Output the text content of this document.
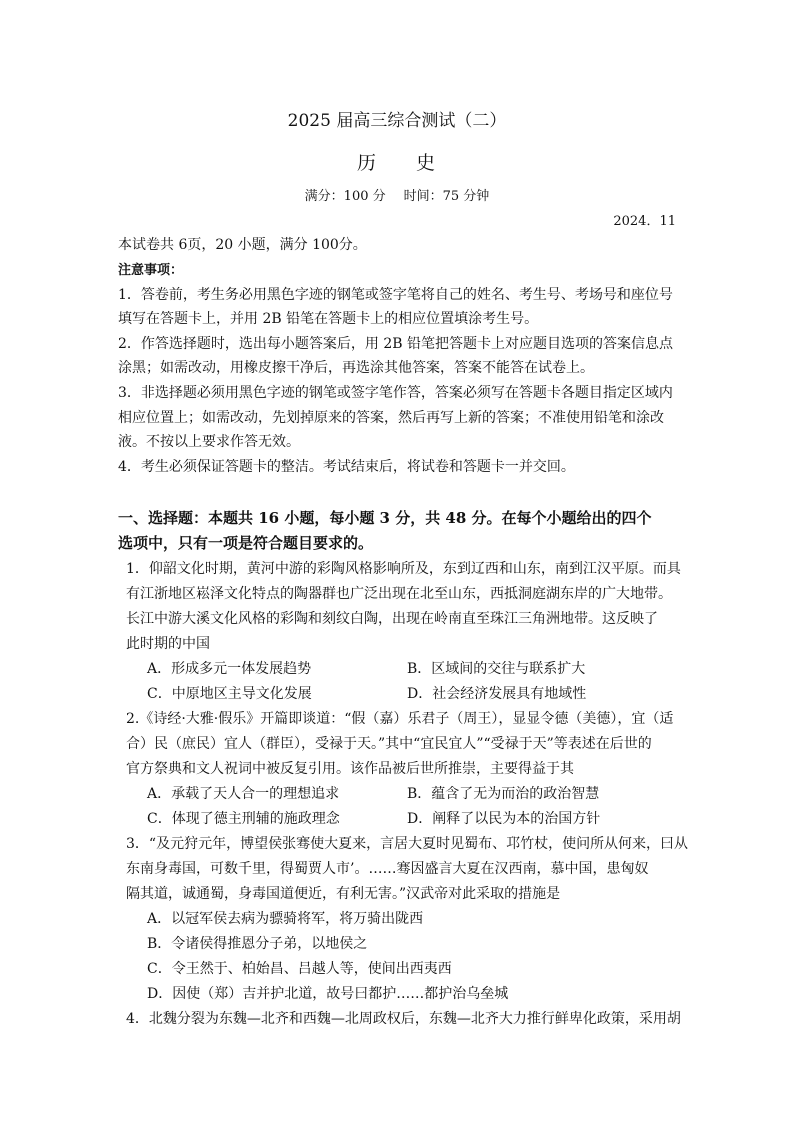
2025 届高三综合测试（二）
历 史
满分：100 分 时间：75 分钟
2024．11
本试卷共 6页，20 小题，满分 100分。
注意事项：
1．答卷前，考生务必用黑色字迹的钢笔或签字笔将自己的姓名、考生号、考场号和座位号
填写在答题卡上，并用 2B 铅笔在答题卡上的相应位置填涂考生号。
2．作答选择题时，选出每小题答案后，用 2B 铅笔把答题卡上对应题目选项的答案信息点
涂黑；如需改动，用橡皮擦干净后，再选涂其他答案，答案不能答在试卷上。
3．非选择题必须用黑色字迹的钢笔或签字笔作答，答案必须写在答题卡各题目指定区域内
相应位置上；如需改动，先划掉原来的答案，然后再写上新的答案；不准使用铅笔和涂改
液。不按以上要求作答无效。
4．考生必须保证答题卡的整洁。考试结束后，将试卷和答题卡一并交回。
一、选择题：本题共 16 小题，每小题 3 分，共 48 分。在每个小题给出的四个
选项中，只有一项是符合题目要求的。
1．仰韶文化时期，黄河中游的彩陶风格影响所及，东到辽西和山东，南到江汉平原。而具
有江浙地区崧泽文化特点的陶器群也广泛出现在北至山东，西抵洞庭湖东岸的广大地带。
长江中游大溪文化风格的彩陶和刻纹白陶，出现在岭南直至珠江三角洲地带。这反映了
此时期的中国
A．形成多元一体发展趋势	B．区域间的交往与联系扩大
C．中原地区主导文化发展	D．社会经济发展具有地域性
2.《诗经·大雅·假乐》开篇即谈道：“假（嘉）乐君子（周王），显显令德（美德），宜（适
合）民（庶民）宜人（群臣），受禄于天。”其中“宜民宜人”“受禄于天”等表述在后世的
官方祭典和文人祝词中被反复引用。该作品被后世所推崇，主要得益于其
A．承载了天人合一的理想追求	B．蕴含了无为而治的政治智慧
C．体现了德主刑辅的施政理念	D．阐释了以民为本的治国方针
3．“及元狩元年，博望侯张骞使大夏来，言居大夏时见蜀布、邛竹杖，使问所从何来，曰从
东南身毒国，可数千里，得蜀贾人市’。……骞因盛言大夏在汉西南，慕中国，患匈奴
隔其道，诚通蜀，身毒国道便近，有利无害。”汉武帝对此采取的措施是
A．以冠军侯去病为骠骑将军，将万骑出陇西
B．令诸侯得推恩分子弟，以地侯之
C．令王然于、柏始昌、吕越人等，使间出西夷西
D．因使（郑）吉并护北道，故号曰都护……都护治乌垒城
4．北魏分裂为东魏—北齐和西魏—北周政权后，东魏—北齐大力推行鲜卑化政策，采用胡
